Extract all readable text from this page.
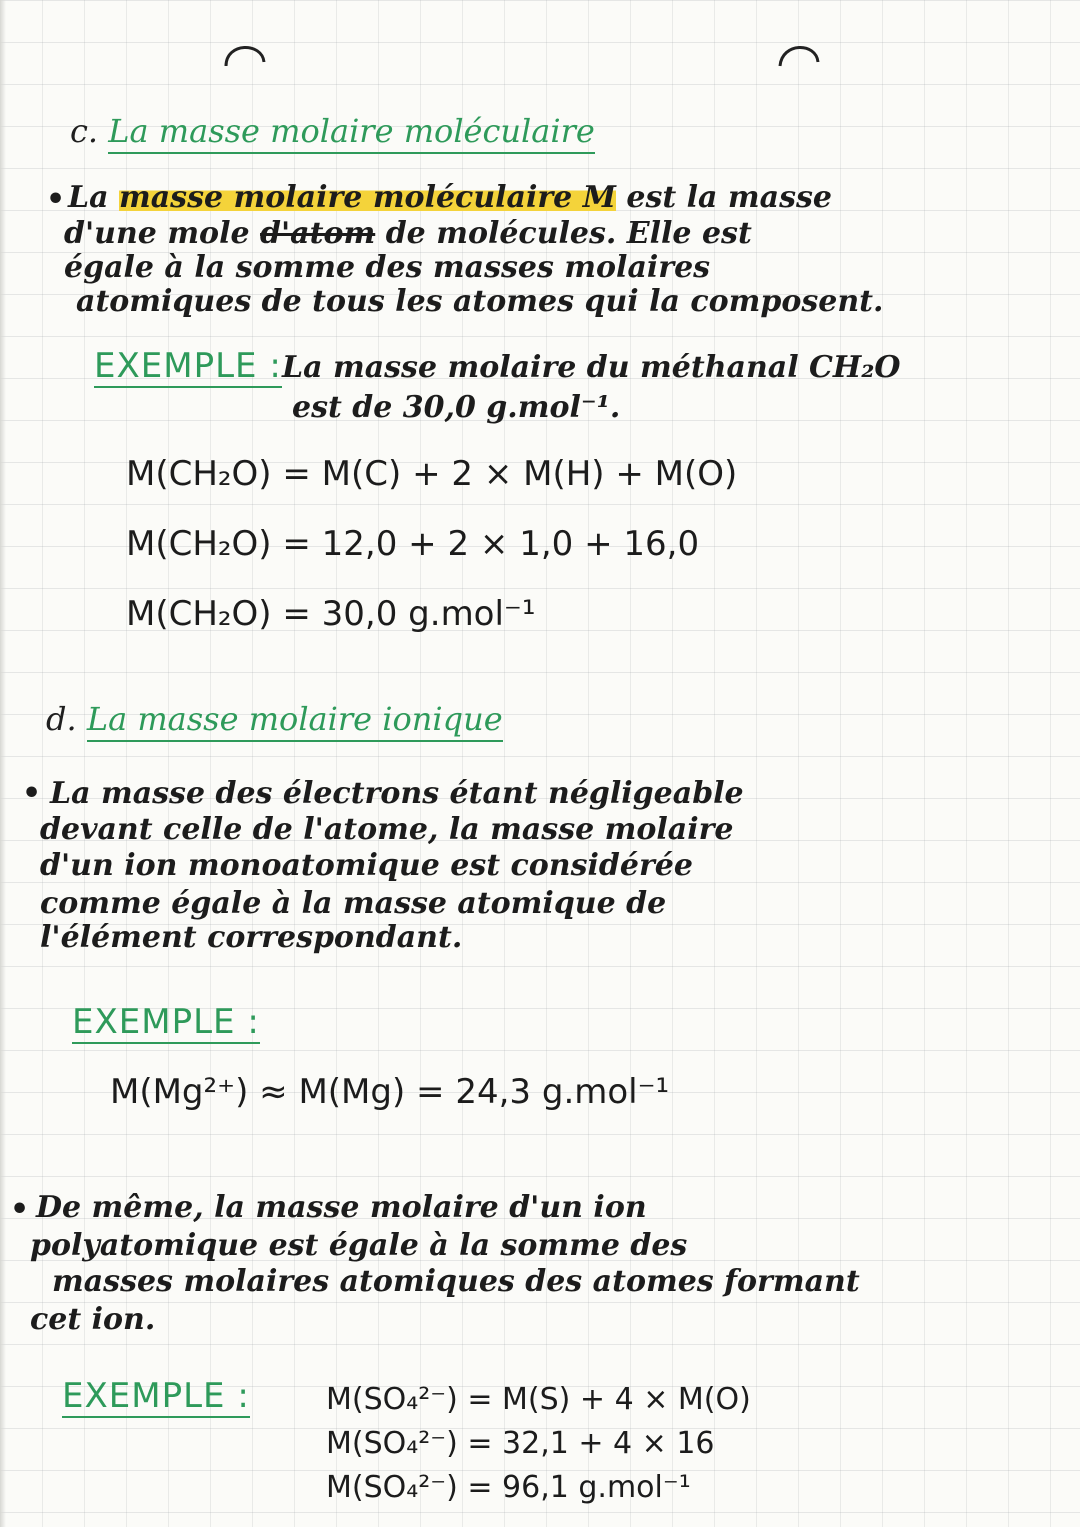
c. La masse molaire moléculaire
• La masse molaire moléculaire M est la masse
d'une mole d'atom de molécules. Elle est
égale à la somme des masses molaires
atomiques de tous les atomes qui la composent.
EXEMPLE : La masse molaire du méthanal CH₂O
est de 30,0 g.mol⁻¹.
M(CH₂O) = M(C) + 2 × M(H) + M(O)
M(CH₂O) = 12,0 + 2 × 1,0 + 16,0
M(CH₂O) = 30,0 g.mol⁻¹
d. La masse molaire ionique
• La masse des électrons étant négligeable
devant celle de l'atome, la masse molaire
d'un ion monoatomique est considérée
comme égale à la masse atomique de
l'élément correspondant.
EXEMPLE :
M(Mg²⁺) ≈ M(Mg) = 24,3 g.mol⁻¹
• De même, la masse molaire d'un ion
polyatomique est égale à la somme des
masses molaires atomiques des atomes formant
cet ion.
EXEMPLE :	M(SO₄²⁻) = M(S) + 4 × M(O)
M(SO₄²⁻) = 32,1 + 4 × 16
M(SO₄²⁻) = 96,1 g.mol⁻¹
